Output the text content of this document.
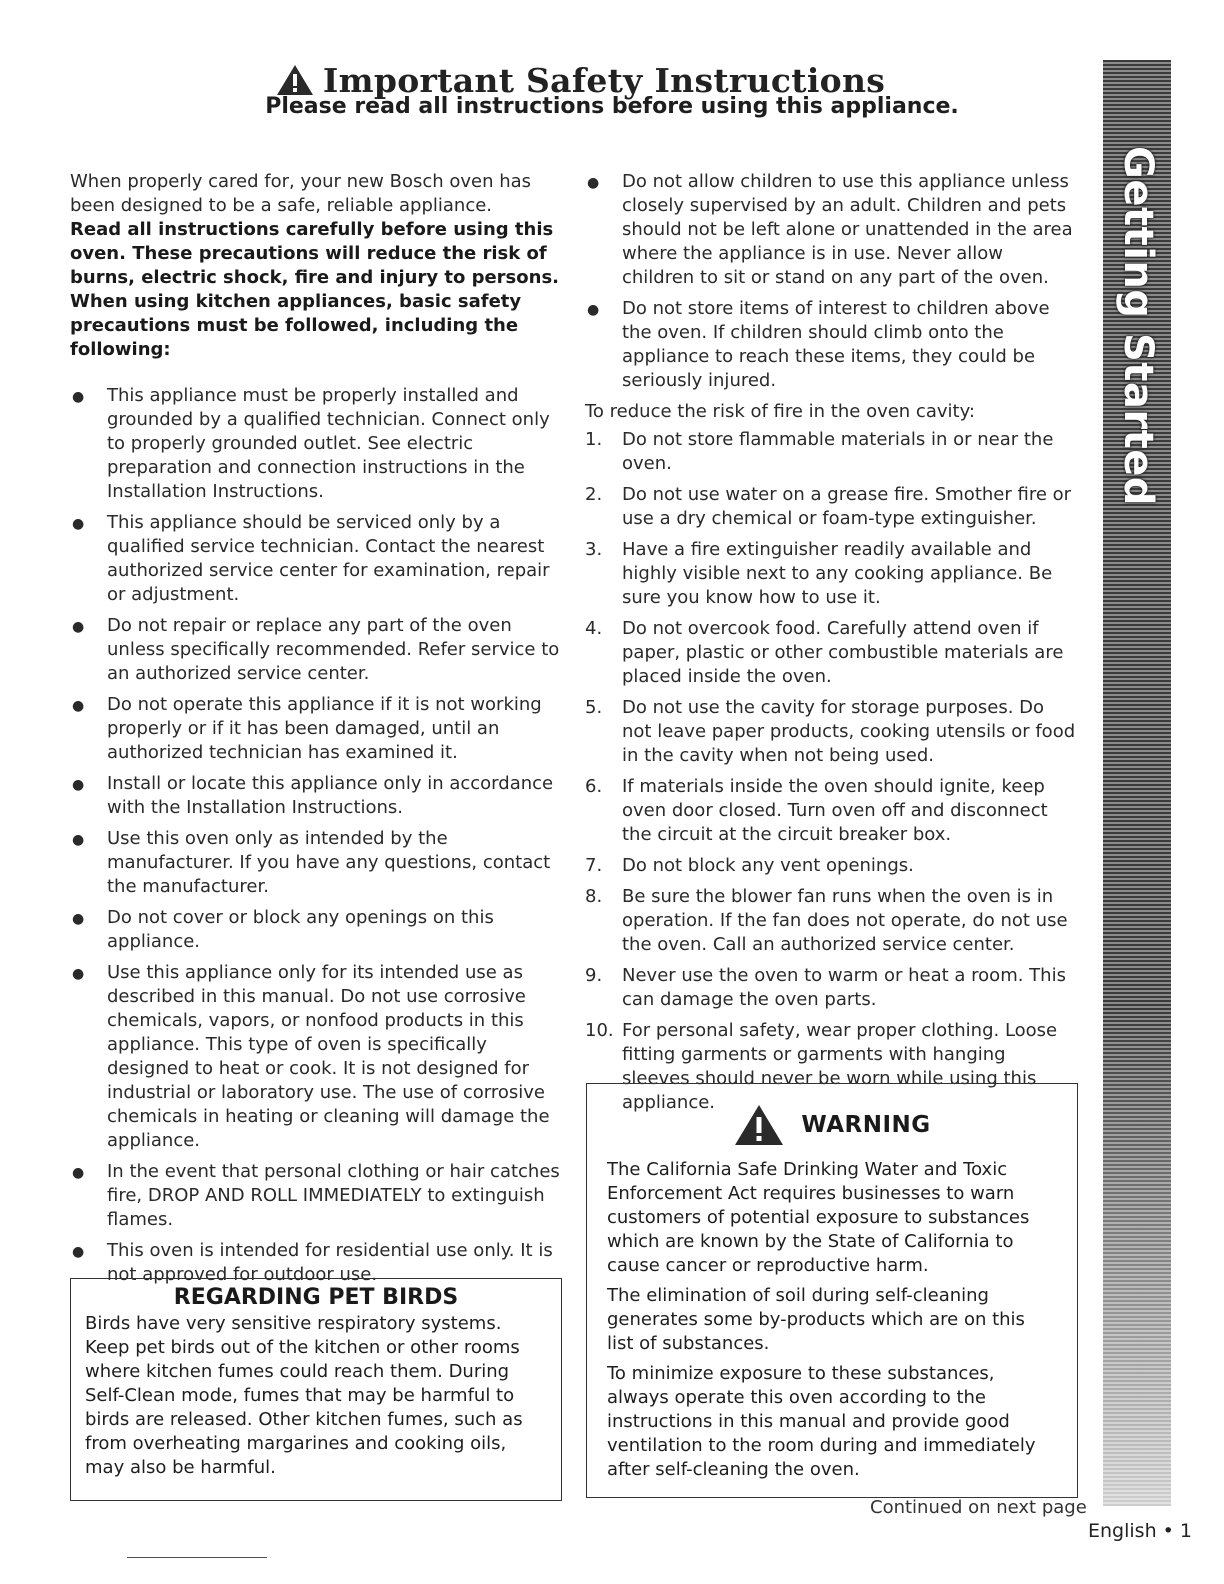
Important Safety Instructions
Please read all instructions before using this appliance.

When properly cared for, your new Bosch oven has been designed to be a safe, reliable appliance.

Read all instructions carefully before using this oven. These precautions will reduce the risk of burns, electric shock, fire and injury to persons. When using kitchen appliances, basic safety precautions must be followed, including the following:

● This appliance must be properly installed and grounded by a qualified technician. Connect only to properly grounded outlet. See electric preparation and connection instructions in the Installation Instructions.
● This appliance should be serviced only by a qualified service technician. Contact the nearest authorized service center for examination, repair or adjustment.
● Do not repair or replace any part of the oven unless specifically recommended. Refer service to an authorized service center.
● Do not operate this appliance if it is not working properly or if it has been damaged, until an authorized technician has examined it.
● Install or locate this appliance only in accordance with the Installation Instructions.
● Use this oven only as intended by the manufacturer. If you have any questions, contact the manufacturer.
● Do not cover or block any openings on this appliance.
● Use this appliance only for its intended use as described in this manual. Do not use corrosive chemicals, vapors, or nonfood products in this appliance. This type of oven is specifically designed to heat or cook. It is not designed for industrial or laboratory use. The use of corrosive chemicals in heating or cleaning will damage the appliance.
● In the event that personal clothing or hair catches fire, DROP AND ROLL IMMEDIATELY to extinguish flames.
● This oven is intended for residential use only. It is not approved for outdoor use.
REGARDING PET BIRDS
Birds have very sensitive respiratory systems. Keep pet birds out of the kitchen or other rooms where kitchen fumes could reach them. During Self-Clean mode, fumes that may be harmful to birds are released. Other kitchen fumes, such as from overheating margarines and cooking oils, may also be harmful.
● Do not allow children to use this appliance unless closely supervised by an adult. Children and pets should not be left alone or unattended in the area where the appliance is in use. Never allow children to sit or stand on any part of the oven.
● Do not store items of interest to children above the oven. If children should climb onto the appliance to reach these items, they could be seriously injured.

To reduce the risk of fire in the oven cavity:

1. Do not store flammable materials in or near the oven.
2. Do not use water on a grease fire. Smother fire or use a dry chemical or foam-type extinguisher.
3. Have a fire extinguisher readily available and highly visible next to any cooking appliance. Be sure you know how to use it.
4. Do not overcook food. Carefully attend oven if paper, plastic or other combustible materials are placed inside the oven.
5. Do not use the cavity for storage purposes. Do not leave paper products, cooking utensils or food in the cavity when not being used.
6. If materials inside the oven should ignite, keep oven door closed. Turn oven off and disconnect the circuit at the circuit breaker box.
7. Do not block any vent openings.
8. Be sure the blower fan runs when the oven is in operation. If the fan does not operate, do not use the oven. Call an authorized service center.
9. Never use the oven to warm or heat a room. This can damage the oven parts.
10. For personal safety, wear proper clothing. Loose fitting garments or garments with hanging sleeves should never be worn while using this appliance.
WARNING

The California Safe Drinking Water and Toxic Enforcement Act requires businesses to warn customers of potential exposure to substances which are known by the State of California to cause cancer or reproductive harm.

The elimination of soil during self-cleaning generates some by-products which are on this list of substances.

To minimize exposure to these substances, always operate this oven according to the instructions in this manual and provide good ventilation to the room during and immediately after self-cleaning the oven.

Continued on next page
English • 1
Getting Started
